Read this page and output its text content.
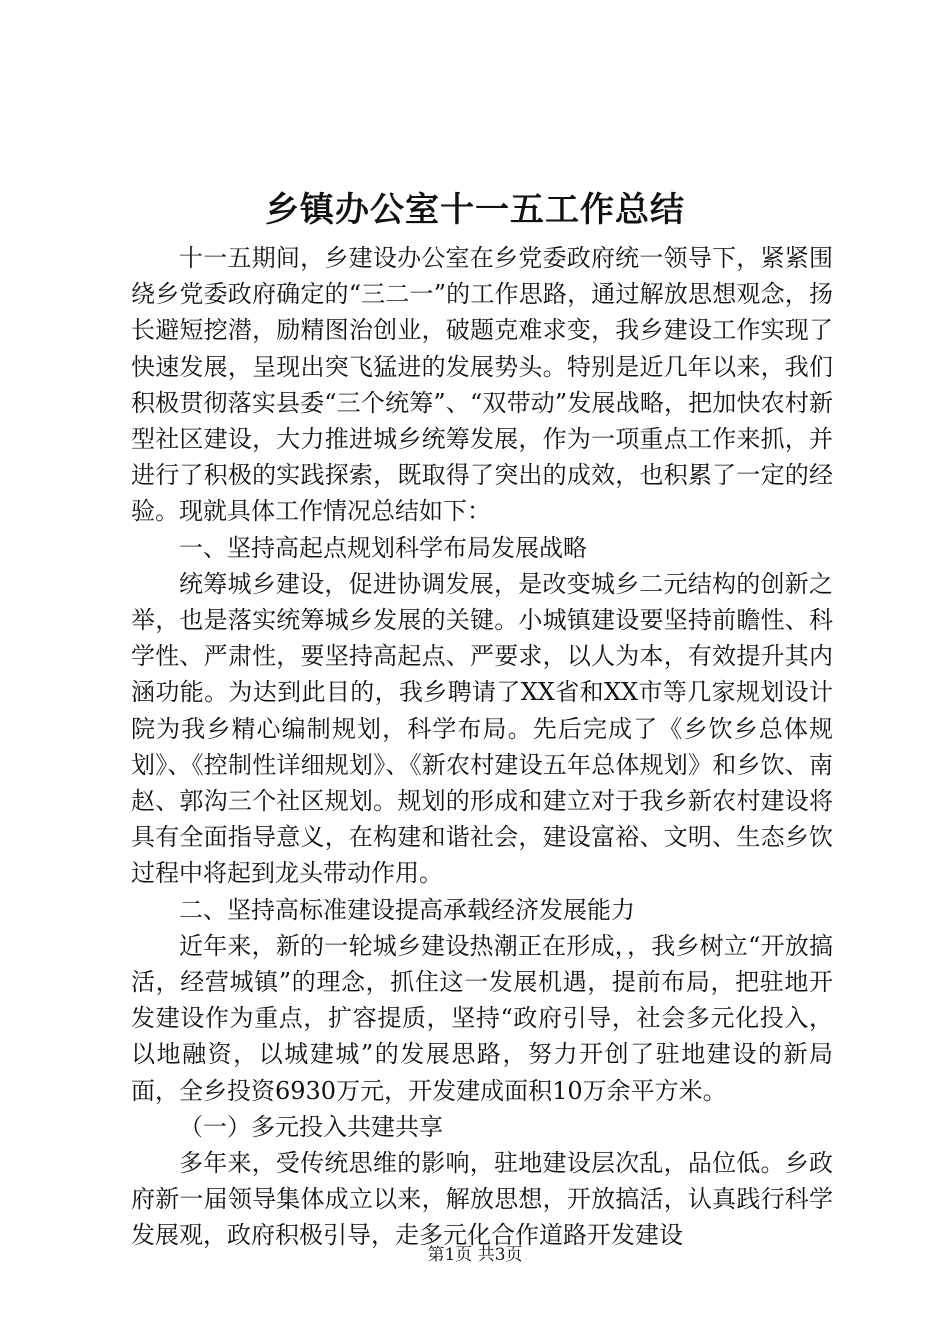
乡镇办公室十一五工作总结

十一五期间，乡建设办公室在乡党委政府统一领导下，紧紧围绕乡党委政府确定的“三二一”的工作思路，通过解放思想观念，扬长避短挖潜，励精图治创业，破题克难求变，我乡建设工作实现了快速发展，呈现出突飞猛进的发展势头。特别是近几年以来，我们积极贯彻落实县委“三个统筹”、“双带动”发展战略，把加快农村新型社区建设，大力推进城乡统筹发展，作为一项重点工作来抓，并进行了积极的实践探索，既取得了突出的成效，也积累了一定的经验。现就具体工作情况总结如下：

一、坚持高起点规划科学布局发展战略

统筹城乡建设，促进协调发展，是改变城乡二元结构的创新之举，也是落实统筹城乡发展的关键。小城镇建设要坚持前瞻性、科学性、严肃性，要坚持高起点、严要求，以人为本，有效提升其内涵功能。为达到此目的，我乡聘请了XX省和XX市等几家规划设计院为我乡精心编制规划，科学布局。先后完成了《乡饮乡总体规划》、《控制性详细规划》、《新农村建设五年总体规划》和乡饮、南赵、郭沟三个社区规划。规划的形成和建立对于我乡新农村建设将具有全面指导意义，在构建和谐社会，建设富裕、文明、生态乡饮过程中将起到龙头带动作用。

二、坚持高标准建设提高承载经济发展能力

近年来，新的一轮城乡建设热潮正在形成，，我乡树立“开放搞活，经营城镇”的理念，抓住这一发展机遇，提前布局，把驻地开发建设作为重点，扩容提质，坚持“政府引导，社会多元化投入，以地融资，以城建城”的发展思路，努力开创了驻地建设的新局面，全乡投资6930万元，开发建成面积10万余平方米。

（一）多元投入共建共享

多年来，受传统思维的影响，驻地建设层次乱，品位低。乡政府新一届领导集体成立以来，解放思想，开放搞活，认真践行科学发展观，政府积极引导，走多元化合作道路开发建设

第1页 共3页
